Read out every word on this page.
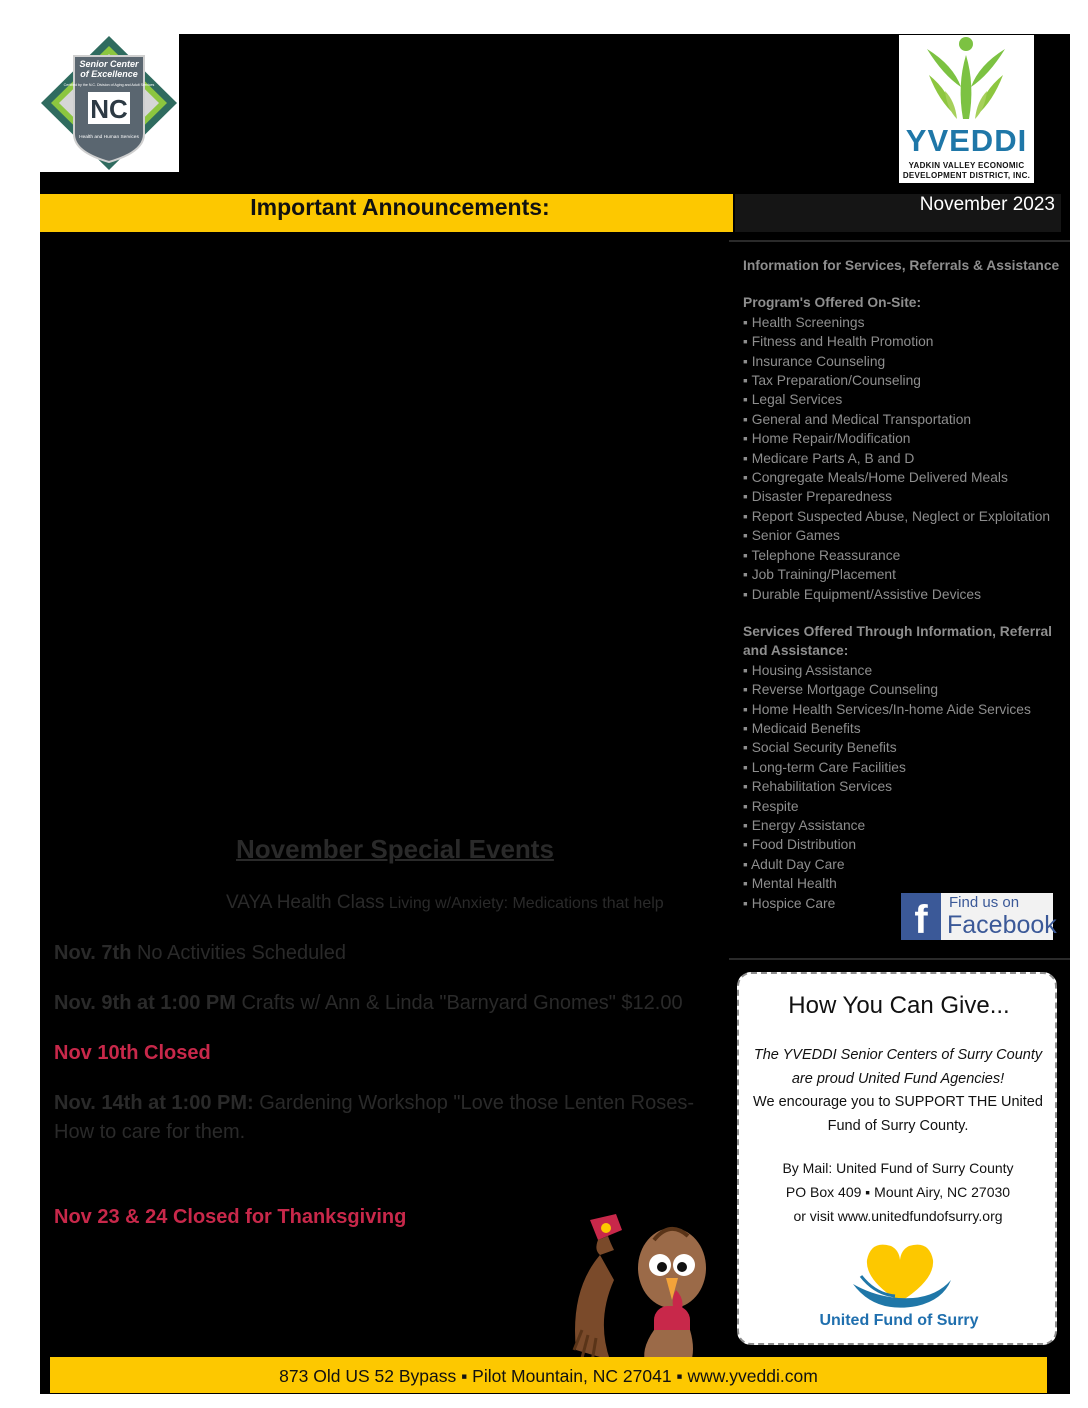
Senior Center
of Excellence
Certified by the N.C. Division of Aging and Adult Services
NC
Health and Human Services	YVEDDI
YADKIN VALLEY ECONOMIC
DEVELOPMENT DISTRICT, INC.
Important Announcements:	November 2023
Information for Services, Referrals & Assistance
Program's Offered On-Site:
▪ Health Screenings
▪ Fitness and Health Promotion
▪ Insurance Counseling
▪ Tax Preparation/Counseling
▪ Legal Services
▪ General and Medical Transportation
▪ Home Repair/Modification
▪ Medicare Parts A, B and D
▪ Congregate Meals/Home Delivered Meals
▪ Disaster Preparedness
▪ Report Suspected Abuse, Neglect or Exploitation
▪ Senior Games
▪ Telephone Reassurance
▪ Job Training/Placement
▪ Durable Equipment/Assistive Devices
Services Offered Through Information, Referral and Assistance:
▪ Housing Assistance
▪ Reverse Mortgage Counseling
▪ Home Health Services/In-home Aide Services
▪ Medicaid Benefits
▪ Social Security Benefits
▪ Long-term Care Facilities
▪ Rehabilitation Services
▪ Respite
▪ Energy Assistance
▪ Food Distribution
▪ Adult Day Care
▪ Mental Health
▪ Hospice Care	f	Find us on
Facebook
November Special Events
VAYA Health Class Living w/Anxiety: Medications that help
Nov. 7th No Activities Scheduled
Nov. 9th at 1:00 PM Crafts w/ Ann & Linda "Barnyard Gnomes" $12.00
Nov 10th Closed
Nov. 14th at 1:00 PM: Gardening Workshop "Love those Lenten Roses- How to care for them.
Nov 23 & 24 Closed for Thanksgiving
How You Can Give...
The YVEDDI Senior Centers of Surry County are proud United Fund Agencies!
We encourage you to SUPPORT THE United Fund of Surry County.
By Mail: United Fund of Surry County
PO Box 409 ▪ Mount Airy, NC 27030
or visit www.unitedfundofsurry.org
United Fund of Surry
873 Old US 52 Bypass ▪ Pilot Mountain, NC 27041 ▪ www.yveddi.com
